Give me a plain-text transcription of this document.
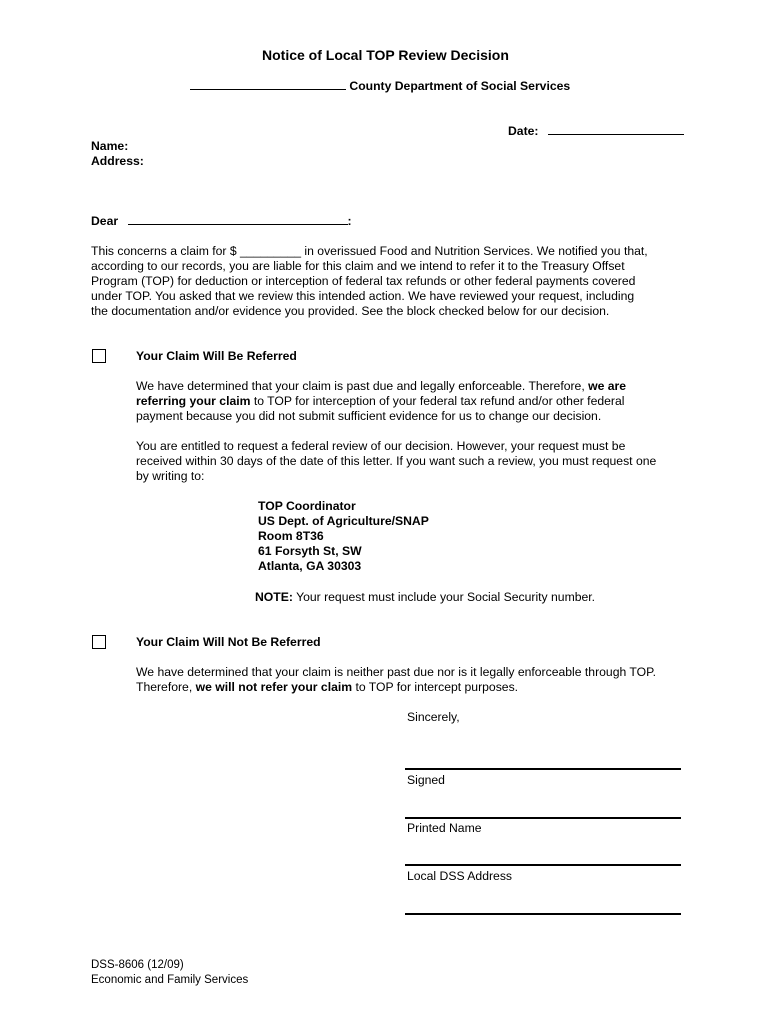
Notice of Local TOP Review Decision
County Department of Social Services
Date:
Name:
Address:
Dear	:
This concerns a claim for $ _________ in overissued Food and Nutrition Services. We notified you that,
according to our records, you are liable for this claim and we intend to refer it to the Treasury Offset
Program (TOP) for deduction or interception of federal tax refunds or other federal payments covered
under TOP. You asked that we review this intended action. We have reviewed your request, including
the documentation and/or evidence you provided. See the block checked below for our decision.
Your Claim Will Be Referred
We have determined that your claim is past due and legally enforceable. Therefore, we are
referring your claim to TOP for interception of your federal tax refund and/or other federal
payment because you did not submit sufficient evidence for us to change our decision.
You are entitled to request a federal review of our decision. However, your request must be
received within 30 days of the date of this letter. If you want such a review, you must request one
by writing to:
TOP Coordinator
US Dept. of Agriculture/SNAP
Room 8T36
61 Forsyth St, SW
Atlanta, GA 30303
NOTE: Your request must include your Social Security number.
Your Claim Will Not Be Referred
We have determined that your claim is neither past due nor is it legally enforceable through TOP.
Therefore, we will not refer your claim to TOP for intercept purposes.
Sincerely,
Signed
Printed Name
Local DSS Address
DSS-8606 (12/09)
Economic and Family Services
